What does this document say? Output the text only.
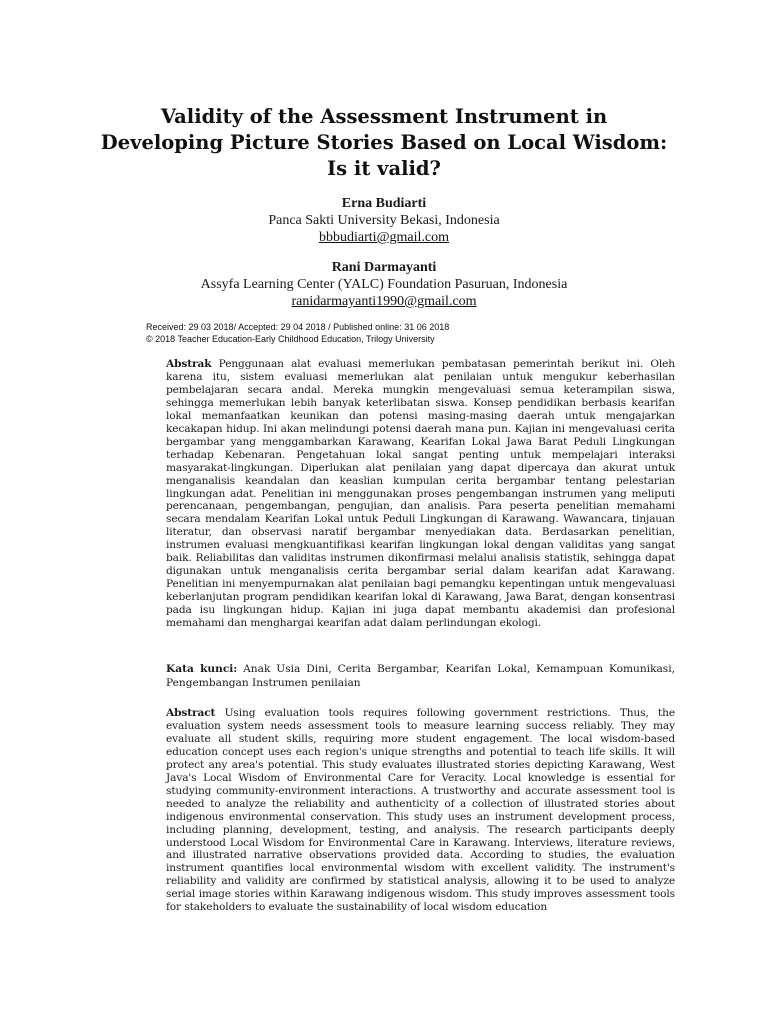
Validity of the Assessment Instrument in
Developing Picture Stories Based on Local Wisdom:
Is it valid?
Erna Budiarti
Panca Sakti University Bekasi, Indonesia
bbbudiarti@gmail.com
Rani Darmayanti
Assyfa Learning Center (YALC) Foundation Pasuruan, Indonesia
ranidarmayanti1990@gmail.com
Received: 29 03 2018/ Accepted: 29 04 2018 / Published online: 31 06 2018
© 2018 Teacher Education-Early Childhood Education, Trilogy University

Abstrak Penggunaan alat evaluasi memerlukan pembatasan pemerintah berikut ini. Oleh karena itu, sistem evaluasi memerlukan alat penilaian untuk mengukur keberhasilan pembelajaran secara andal. Mereka mungkin mengevaluasi semua keterampilan siswa, sehingga memerlukan lebih banyak keterlibatan siswa. Konsep pendidikan berbasis kearifan lokal memanfaatkan keunikan dan potensi masing-masing daerah untuk mengajarkan kecakapan hidup. Ini akan melindungi potensi daerah mana pun. Kajian ini mengevaluasi cerita bergambar yang menggambarkan Karawang, Kearifan Lokal Jawa Barat Peduli Lingkungan terhadap Kebenaran. Pengetahuan lokal sangat penting untuk mempelajari interaksi masyarakat-lingkungan. Diperlukan alat penilaian yang dapat dipercaya dan akurat untuk menganalisis keandalan dan keaslian kumpulan cerita bergambar tentang pelestarian lingkungan adat. Penelitian ini menggunakan proses pengembangan instrumen yang meliputi perencanaan, pengembangan, pengujian, dan analisis. Para peserta penelitian memahami secara mendalam Kearifan Lokal untuk Peduli Lingkungan di Karawang. Wawancara, tinjauan literatur, dan observasi naratif bergambar menyediakan data. Berdasarkan penelitian, instrumen evaluasi mengkuantifikasi kearifan lingkungan lokal dengan validitas yang sangat baik. Reliabilitas dan validitas instrumen dikonfirmasi melalui analisis statistik, sehingga dapat digunakan untuk menganalisis cerita bergambar serial dalam kearifan adat Karawang. Penelitian ini menyempurnakan alat penilaian bagi pemangku kepentingan untuk mengevaluasi keberlanjutan program pendidikan kearifan lokal di Karawang, Jawa Barat, dengan konsentrasi pada isu lingkungan hidup. Kajian ini juga dapat membantu akademisi dan profesional memahami dan menghargai kearifan adat dalam perlindungan ekologi.

Kata kunci: Anak Usia Dini, Cerita Bergambar, Kearifan Lokal, Kemampuan Komunikasi, Pengembangan Instrumen penilaian

Abstract Using evaluation tools requires following government restrictions. Thus, the evaluation system needs assessment tools to measure learning success reliably. They may evaluate all student skills, requiring more student engagement. The local wisdom-based education concept uses each region's unique strengths and potential to teach life skills. It will protect any area's potential. This study evaluates illustrated stories depicting Karawang, West Java's Local Wisdom of Environmental Care for Veracity. Local knowledge is essential for studying community-environment interactions. A trustworthy and accurate assessment tool is needed to analyze the reliability and authenticity of a collection of illustrated stories about indigenous environmental conservation. This study uses an instrument development process, including planning, development, testing, and analysis. The research participants deeply understood Local Wisdom for Environmental Care in Karawang. Interviews, literature reviews, and illustrated narrative observations provided data. According to studies, the evaluation instrument quantifies local environmental wisdom with excellent validity. The instrument's reliability and validity are confirmed by statistical analysis, allowing it to be used to analyze serial image stories within Karawang indigenous wisdom. This study improves assessment tools for stakeholders to evaluate the sustainability of local wisdom education
